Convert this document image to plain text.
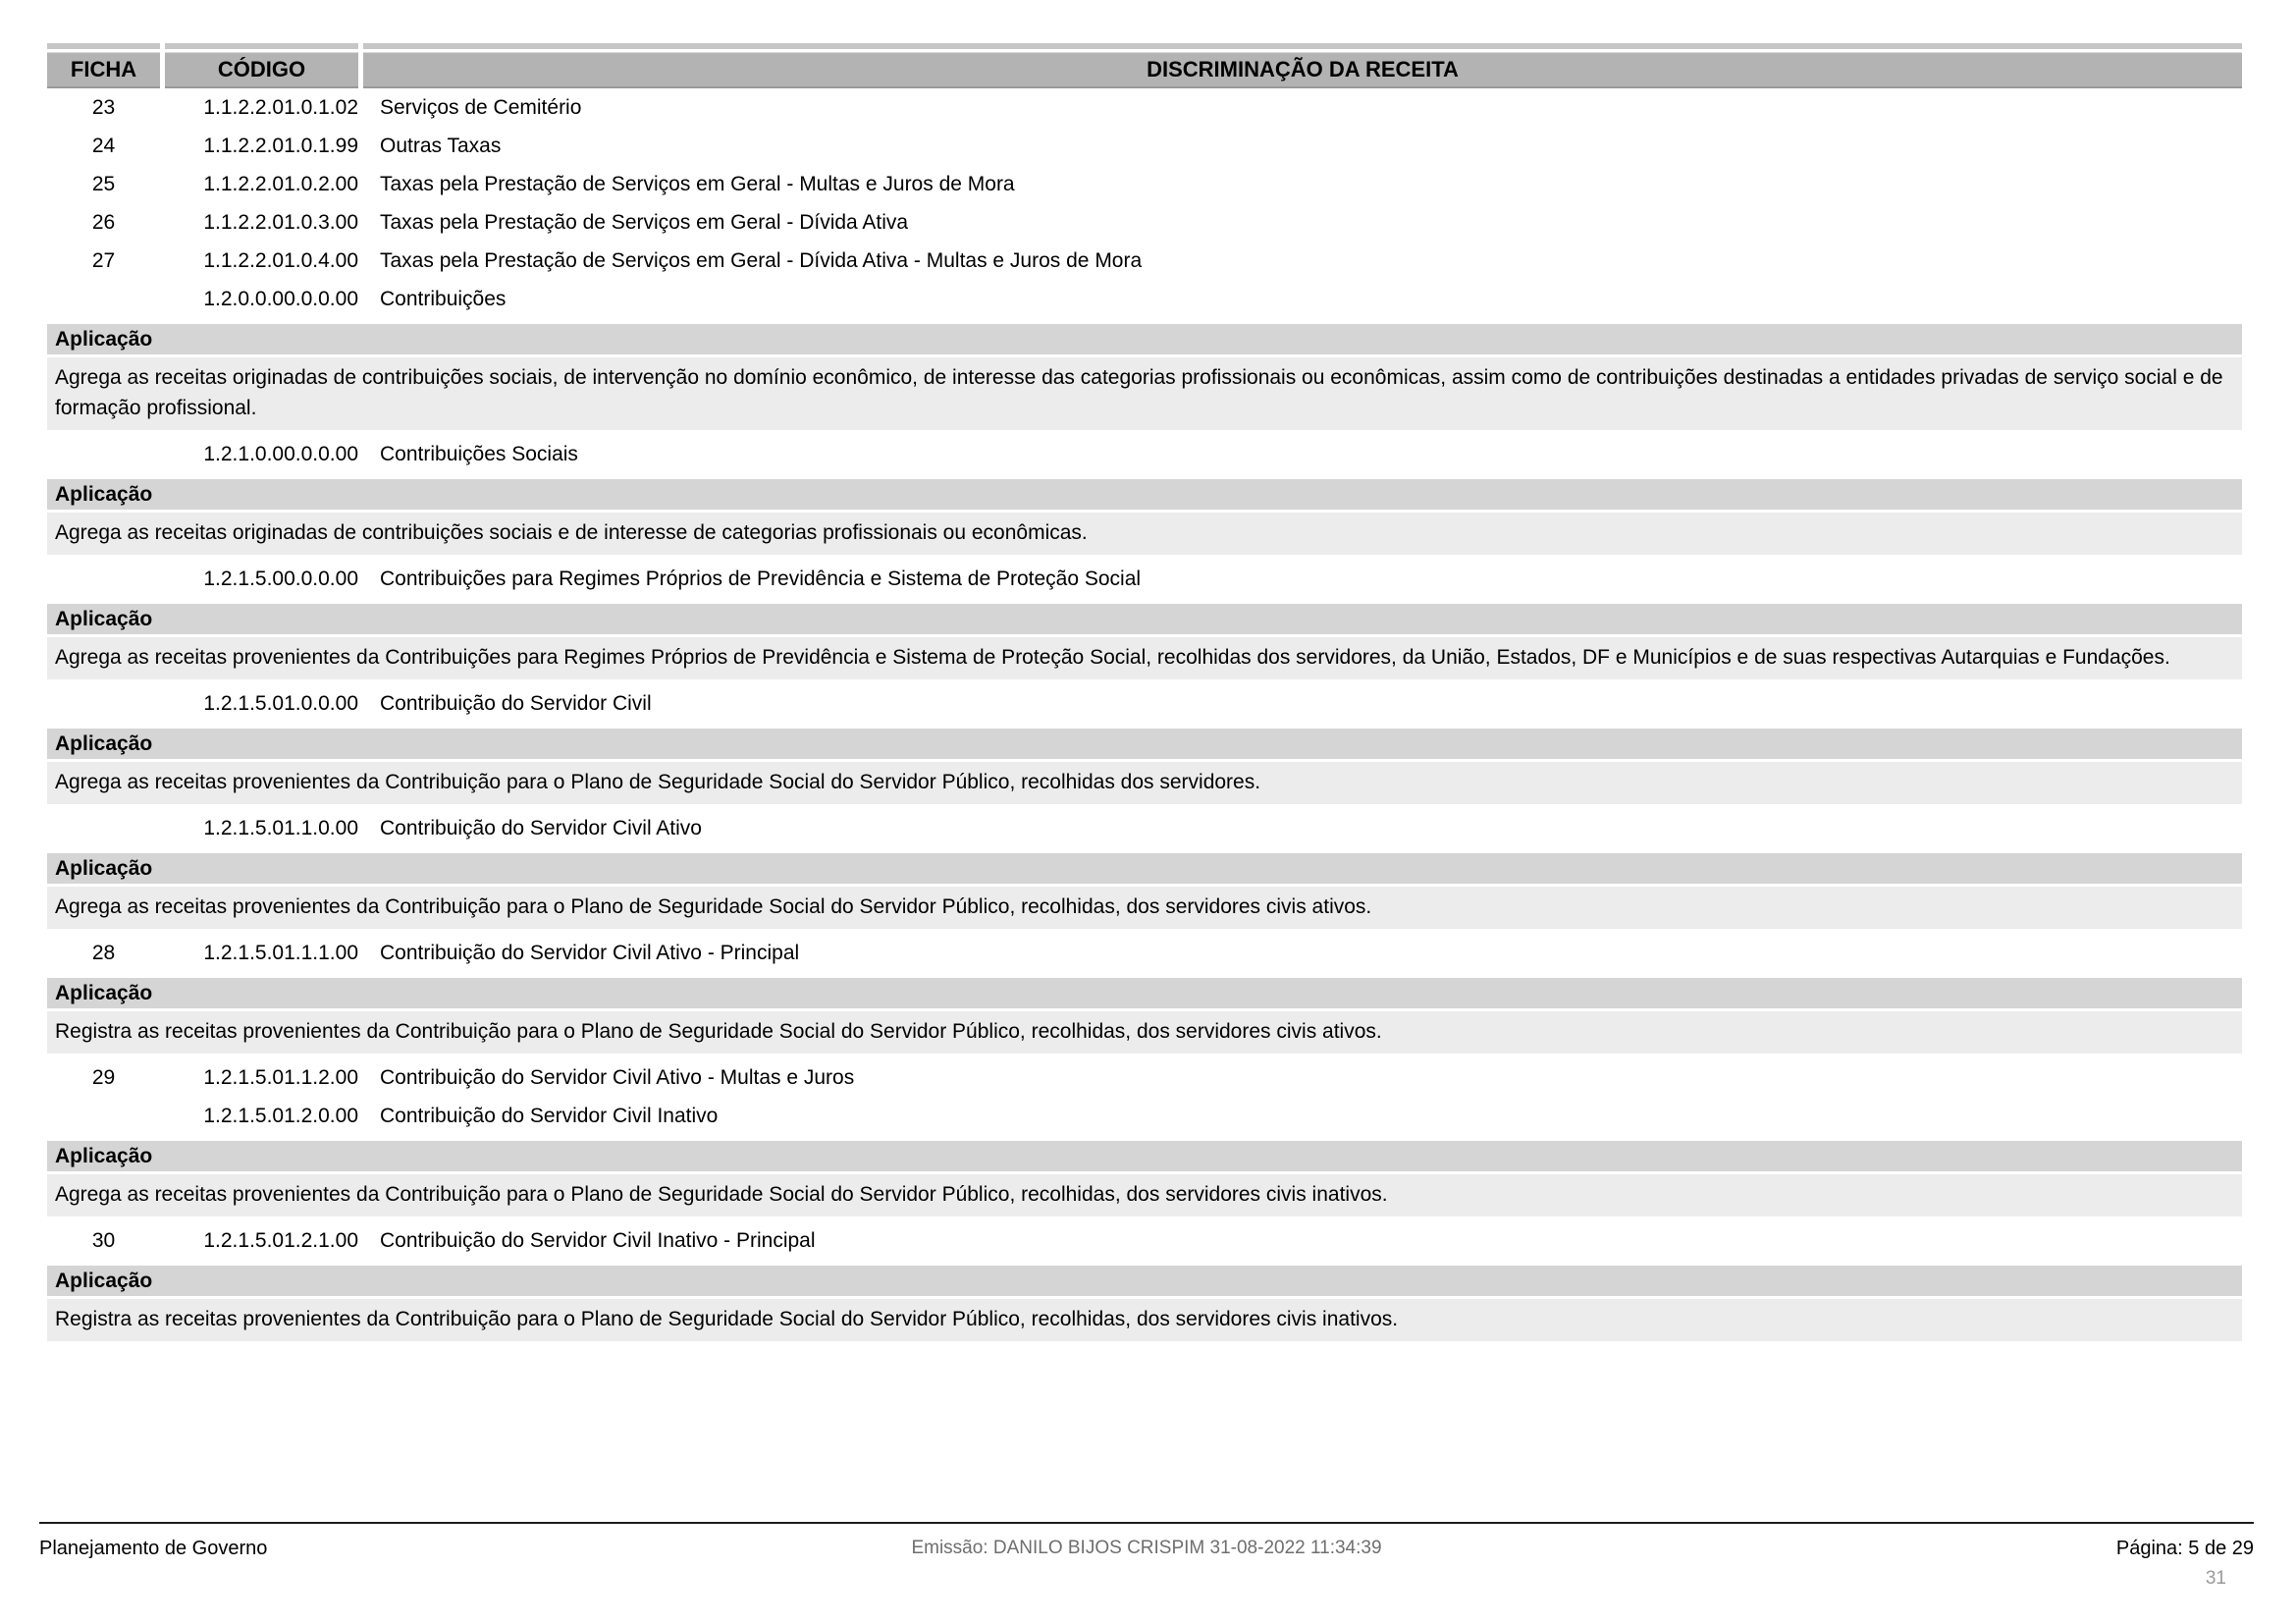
FICHA	CÓDIGO	DISCRIMINAÇÃO DA RECEITA
23	1.1.2.2.01.0.1.02 Serviços de Cemitério
24	1.1.2.2.01.0.1.99 Outras Taxas
25	1.1.2.2.01.0.2.00 Taxas pela Prestação de Serviços em Geral - Multas e Juros de Mora
26	1.1.2.2.01.0.3.00 Taxas pela Prestação de Serviços em Geral - Dívida Ativa
27	1.1.2.2.01.0.4.00 Taxas pela Prestação de Serviços em Geral - Dívida Ativa - Multas e Juros de Mora
1.2.0.0.00.0.0.00 Contribuições
Aplicação
Agrega as receitas originadas de contribuições sociais, de intervenção no domínio econômico, de interesse das categorias profissionais ou econômicas, assim como de contribuições destinadas a entidades privadas de serviço social e de formação profissional.
1.2.1.0.00.0.0.00 Contribuições Sociais
Aplicação
Agrega as receitas originadas de contribuições sociais e de interesse de categorias profissionais ou econômicas.
1.2.1.5.00.0.0.00 Contribuições para Regimes Próprios de Previdência e Sistema de Proteção Social
Aplicação
Agrega as receitas provenientes da Contribuições para Regimes Próprios de Previdência e Sistema de Proteção Social, recolhidas dos servidores, da União, Estados, DF e Municípios e de suas respectivas Autarquias e Fundações.
1.2.1.5.01.0.0.00 Contribuição do Servidor Civil
Aplicação
Agrega as receitas provenientes da Contribuição para o Plano de Seguridade Social do Servidor Público, recolhidas dos servidores.
1.2.1.5.01.1.0.00 Contribuição do Servidor Civil Ativo
Aplicação
Agrega as receitas provenientes da Contribuição para o Plano de Seguridade Social do Servidor Público, recolhidas, dos servidores civis ativos.
28	1.2.1.5.01.1.1.00 Contribuição do Servidor Civil Ativo - Principal
Aplicação
Registra as receitas provenientes da Contribuição para o Plano de Seguridade Social do Servidor Público, recolhidas, dos servidores civis ativos.
29	1.2.1.5.01.1.2.00 Contribuição do Servidor Civil Ativo - Multas e Juros
1.2.1.5.01.2.0.00 Contribuição do Servidor Civil Inativo
Aplicação
Agrega as receitas provenientes da Contribuição para o Plano de Seguridade Social do Servidor Público, recolhidas, dos servidores civis inativos.
30	1.2.1.5.01.2.1.00 Contribuição do Servidor Civil Inativo - Principal
Aplicação
Registra as receitas provenientes da Contribuição para o Plano de Seguridade Social do Servidor Público, recolhidas, dos servidores civis inativos.
Planejamento de Governo	Emissão: DANILO BIJOS CRISPIM 31-08-2022 11:34:39	Página: 5 de 29
31
